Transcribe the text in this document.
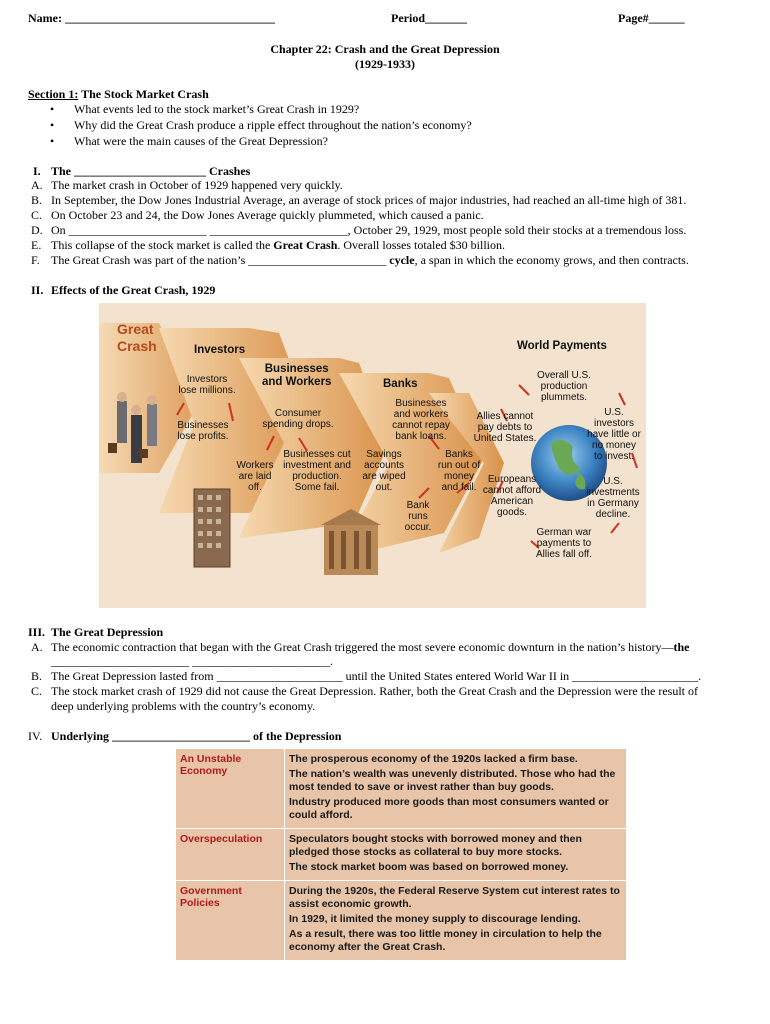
Name: ___________________________________	Period_______	Page#______
Chapter 22: Crash and the Great Depression
(1929-1933)
Section 1: The Stock Market Crash
• What events led to the stock market’s Great Crash in 1929?
• Why did the Great Crash produce a ripple effect throughout the nation’s economy?
• What were the main causes of the Great Depression?
I. The ______________________ Crashes
A. The market crash in October of 1929 happened very quickly.
B. In September, the Dow Jones Industrial Average, an average of stock prices of major industries, had reached an all-time high of 381.
C. On October 23 and 24, the Dow Jones Average quickly plummeted, which caused a panic.
D. On _______________________ _______________________, October 29, 1929, most people sold their stocks at a tremendous loss.
E. This collapse of the stock market is called the Great Crash. Overall losses totaled $30 billion.
F. The Great Crash was part of the nation’s _______________________ cycle, a span in which the economy grows, and then contracts.
II. Effects of the Great Crash, 1929
Great
Crash	Investors
Investors
lose millions.
Businesses
lose profits.
Businesses
and Workers
Consumer
spending drops.
Businesses cut
investment and
production.
Some fail.
Workers
are laid
off.
Banks
Businesses
and workers
cannot repay
bank loans.
Savings
accounts
are wiped
out.
Banks
run out of
money
and fail.
Bank
runs
occur.
World Payments
Overall U.S.
production
plummets.
U.S.
investors
have little or
no money
to invest.
Allies cannot
pay debts to
United States.
Europeans
cannot afford
American
goods.
U.S.
investments
in Germany
decline.
German war
payments to
Allies fall off.
III. The Great Depression
A. The economic contraction that began with the Great Crash triggered the most severe economic downturn in the nation’s history—the
_______________________ _______________________.
B. The Great Depression lasted from _____________________ until the United States entered World War II in _____________________.
C. The stock market crash of 1929 did not cause the Great Depression. Rather, both the Great Crash and the Depression were the result of
deep underlying problems with the country’s economy.
IV. Underlying _______________________ of the Depression
An Unstable Economy	The prosperous economy of the 1920s lacked a firm base.

The nation’s wealth was unevenly distributed. Those who had the most tended to save or invest rather than buy goods.

Industry produced more goods than most consumers wanted or could afford.

Overspeculation	Speculators bought stocks with borrowed money and then pledged those stocks as collateral to buy more stocks.

The stock market boom was based on borrowed money.

Government Policies	During the 1920s, the Federal Reserve System cut interest rates to assist economic growth.

In 1929, it limited the money supply to discourage lending.

As a result, there was too little money in circulation to help the economy after the Great Crash.
